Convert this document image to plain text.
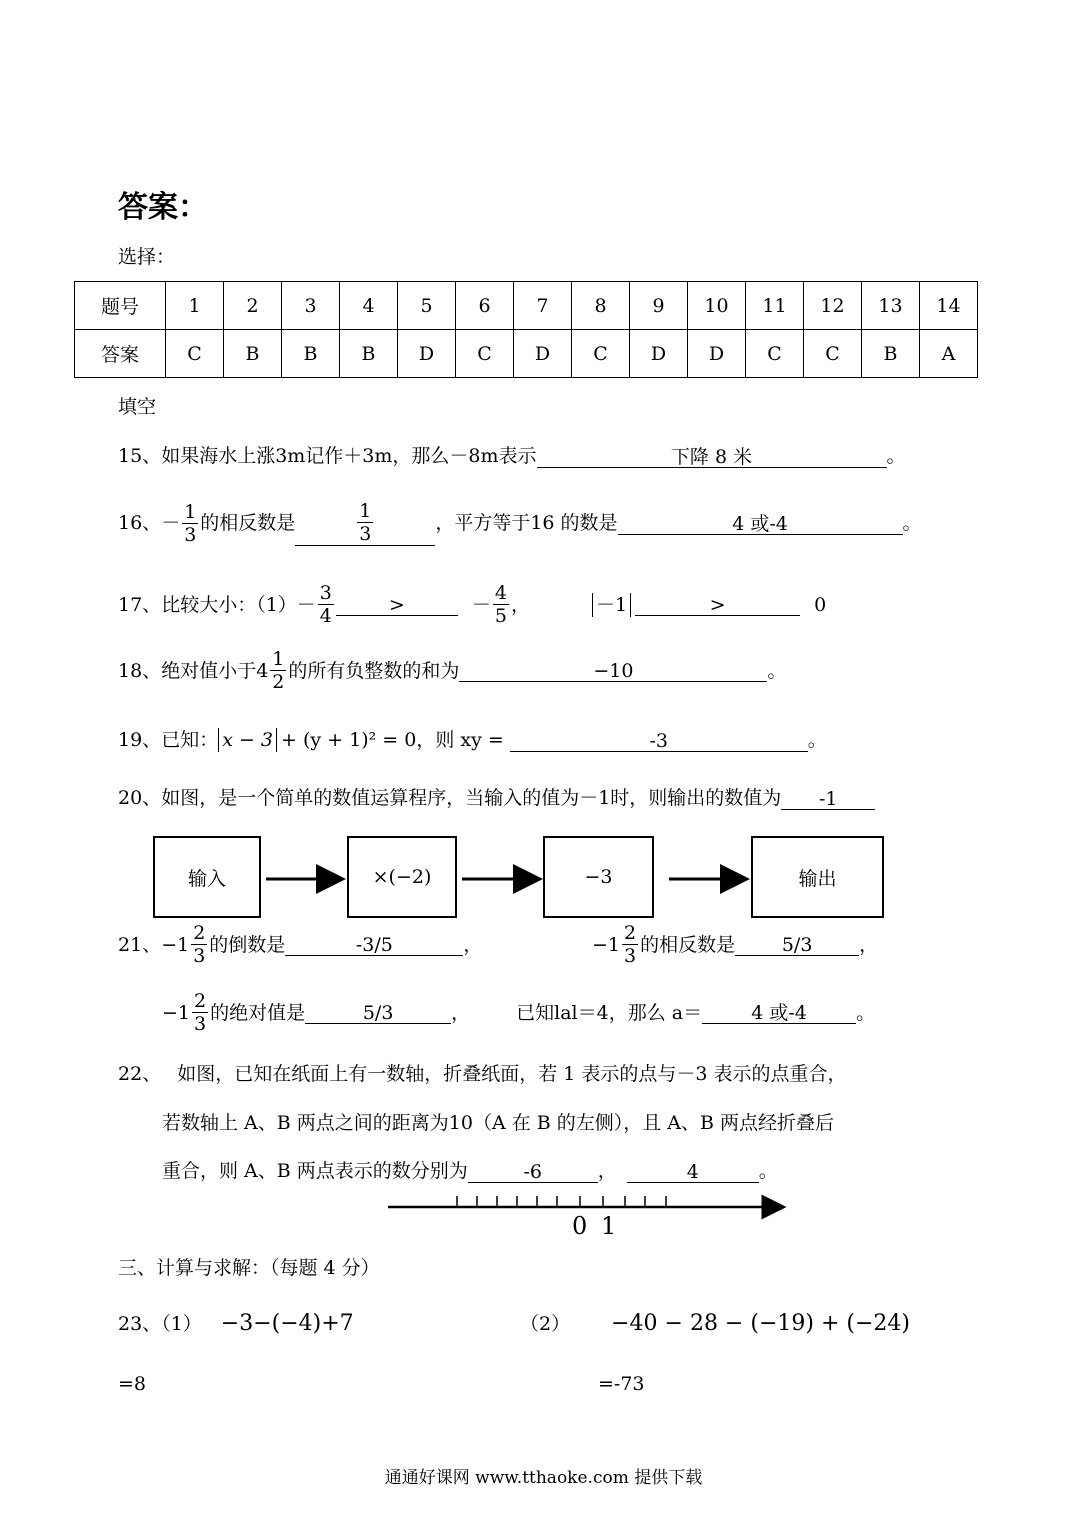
答案：
选择：
题号	1	2	3	4	5	6	7	8	9	10	11	12	13	14
答案	C	B	B	B	D	C	D	C	D	D	C	C	B	A
填空
15、如果海水上涨3m记作＋3m，那么－8m表示	下降 8 米	。
16、 － $\frac{1}{3}$ 的相反数是	$\frac{1}{3}$	，平方等于16 的数是	4 或-4	。
17、 比较大小：$(1) - \frac{3}{4}$	>	－ $\frac{4}{5}$ ，	－1	>	0
18、 绝对值小于 $4 \frac{1}{2}$ 的所有负整数的和为	−10	。
19、 已知： x − 3 + (y + 1)² = 0，则 xy =	-3	。
20、如图，是一个简单的数值运算程序，当输入的值为－1时，则输出的数值为 -1
输入	×(−2)	−3	输出
0 1
21、 − $1 \frac{2}{3}$ 的倒数是	-3/5	，	− $1 \frac{2}{3}$ 的相反数是	5/3	，
− $1 \frac{2}{3}$ 的绝对值是	5/3	， 已知lal＝4，那么 a＝	4 或-4	。
22、 如图，已知在纸面上有一数轴，折叠纸面，若 1 表示的点与－3 表示的点重合，
若数轴上 A、B 两点之间的距离为10（A 在 B 的左侧），且 A、B 两点经折叠后
重合，则 A、B 两点表示的数分别为	-6	，	4	。
三、计算与求解：（每题 4 分）
23、（1） −3−(−4)+7	（2） −40 − 28 − (−19) + (−24)
=8	=-73
通通好课网 www.tthaoke.com 提供下载
